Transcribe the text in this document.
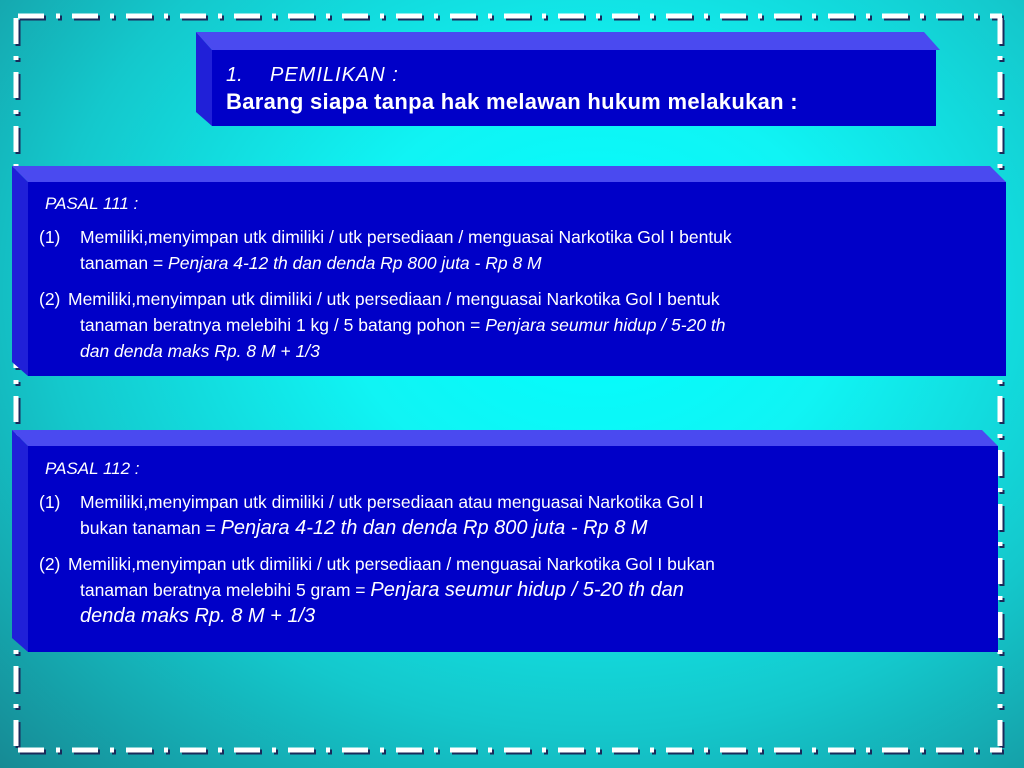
1. PEMILIKAN :
Barang siapa tanpa hak melawan hukum melakukan :
PASAL 111 :
(1)	Memiliki,menyimpan utk dimiliki / utk persediaan / menguasai Narkotika Gol I bentuk
tanaman = Penjara 4-12 th dan denda Rp 800 juta - Rp 8 M
(2) Memiliki,menyimpan utk dimiliki / utk persediaan / menguasai Narkotika Gol I bentuk
tanaman beratnya melebihi 1 kg / 5 batang pohon = Penjara seumur hidup / 5-20 th
dan denda maks Rp. 8 M + 1/3
PASAL 112 :
(1)	Memiliki,menyimpan utk dimiliki / utk persediaan atau menguasai Narkotika Gol I
bukan tanaman = Penjara 4-12 th dan denda Rp 800 juta - Rp 8 M
(2) Memiliki,menyimpan utk dimiliki / utk persediaan / menguasai Narkotika Gol I bukan
tanaman beratnya melebihi 5 gram = Penjara seumur hidup / 5-20 th dan
denda maks Rp. 8 M + 1/3
